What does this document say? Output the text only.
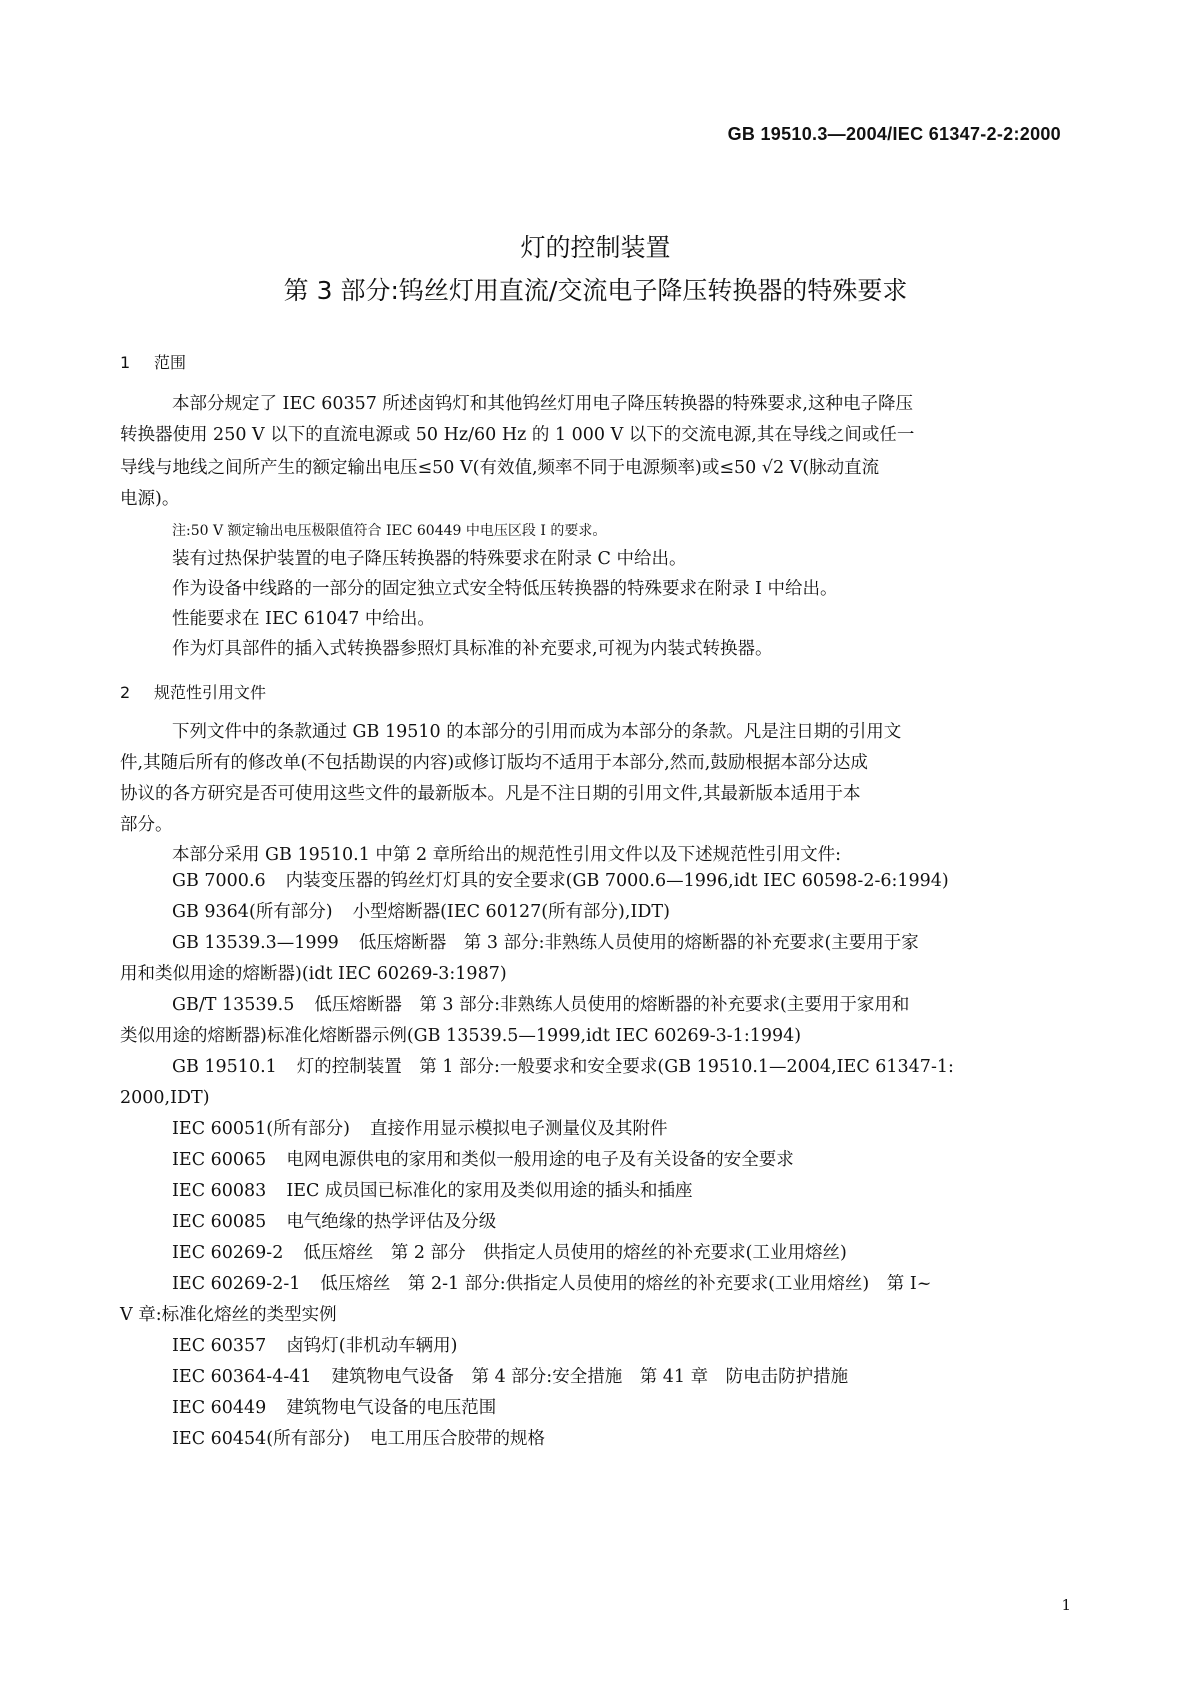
GB 19510.3—2004/IEC 61347-2-2:2000
灯的控制装置
第 3 部分:钨丝灯用直流/交流电子降压转换器的特殊要求
1 范围
本部分规定了 IEC 60357 所述卤钨灯和其他钨丝灯用电子降压转换器的特殊要求,这种电子降压
转换器使用 250 V 以下的直流电源或 50 Hz/60 Hz 的 1 000 V 以下的交流电源,其在导线之间或任一
导线与地线之间所产生的额定输出电压≤50 V(有效值,频率不同于电源频率)或≤50 √2 V(脉动直流
电源)。
注:50 V 额定输出电压极限值符合 IEC 60449 中电压区段 I 的要求。
装有过热保护装置的电子降压转换器的特殊要求在附录 C 中给出。
作为设备中线路的一部分的固定独立式安全特低压转换器的特殊要求在附录 I 中给出。
性能要求在 IEC 61047 中给出。
作为灯具部件的插入式转换器参照灯具标准的补充要求,可视为内装式转换器。
2 规范性引用文件
下列文件中的条款通过 GB 19510 的本部分的引用而成为本部分的条款。凡是注日期的引用文
件,其随后所有的修改单(不包括勘误的内容)或修订版均不适用于本部分,然而,鼓励根据本部分达成
协议的各方研究是否可使用这些文件的最新版本。凡是不注日期的引用文件,其最新版本适用于本
部分。
本部分采用 GB 19510.1 中第 2 章所给出的规范性引用文件以及下述规范性引用文件:
GB 7000.6 内装变压器的钨丝灯灯具的安全要求(GB 7000.6—1996,idt IEC 60598-2-6:1994)
GB 9364(所有部分) 小型熔断器(IEC 60127(所有部分),IDT)
GB 13539.3—1999 低压熔断器　第 3 部分:非熟练人员使用的熔断器的补充要求(主要用于家
用和类似用途的熔断器)(idt IEC 60269-3:1987)
GB/T 13539.5 低压熔断器　第 3 部分:非熟练人员使用的熔断器的补充要求(主要用于家用和
类似用途的熔断器)标准化熔断器示例(GB 13539.5—1999,idt IEC 60269-3-1:1994)
GB 19510.1 灯的控制装置　第 1 部分:一般要求和安全要求(GB 19510.1—2004,IEC 61347-1:
2000,IDT)
IEC 60051(所有部分) 直接作用显示模拟电子测量仪及其附件
IEC 60065 电网电源供电的家用和类似一般用途的电子及有关设备的安全要求
IEC 60083 IEC 成员国已标准化的家用及类似用途的插头和插座
IEC 60085 电气绝缘的热学评估及分级
IEC 60269-2 低压熔丝　第 2 部分　供指定人员使用的熔丝的补充要求(工业用熔丝)
IEC 60269-2-1 低压熔丝　第 2-1 部分:供指定人员使用的熔丝的补充要求(工业用熔丝)　第 I~
V 章:标准化熔丝的类型实例
IEC 60357 卤钨灯(非机动车辆用)
IEC 60364-4-41 建筑物电气设备　第 4 部分:安全措施　第 41 章　防电击防护措施
IEC 60449 建筑物电气设备的电压范围
IEC 60454(所有部分) 电工用压合胶带的规格
1
